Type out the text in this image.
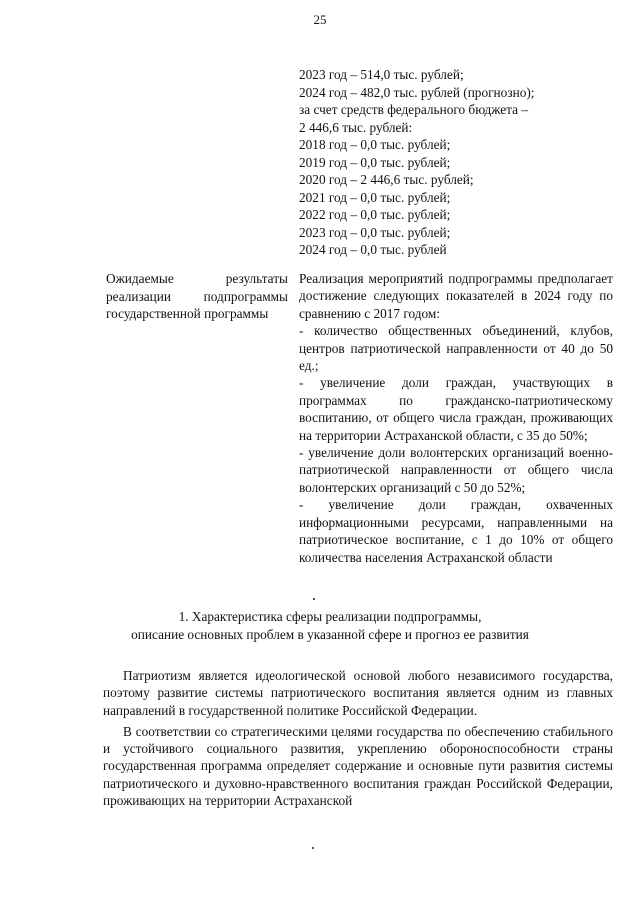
25
2023 год – 514,0 тыс. рублей;
2024 год – 482,0 тыс. рублей (прогнозно);
за счет средств федерального бюджета –
2 446,6 тыс. рублей:
2018 год – 0,0 тыс. рублей;
2019 год – 0,0 тыс. рублей;
2020 год – 2 446,6 тыс. рублей;
2021 год – 0,0 тыс. рублей;
2022 год – 0,0 тыс. рублей;
2023 год – 0,0 тыс. рублей;
2024 год – 0,0 тыс. рублей
Ожидаемые результаты реализации подпрограммы государственной программы

Реализация мероприятий подпрограммы предполагает достижение следующих показателей в 2024 году по сравнению с 2017 годом:

- количество общественных объединений, клубов, центров патриотической направленности от 40 до 50 ед.;

- увеличение доли граждан, участвующих в программах по гражданско-патриотическому воспитанию, от общего числа граждан, проживающих на территории Астраханской области, с 35 до 50%;

- увеличение доли волонтерских организаций военно-патриотической направленности от общего числа волонтерских организаций с 50 до 52%;

- увеличение доли граждан, охваченных информационными ресурсами, направленными на патриотическое воспитание, с 1 до 10% от общего количества населения Астраханской области

1. Характеристика сферы реализации подпрограммы,
описание основных проблем в указанной сфере и прогноз ее развития

Патриотизм является идеологической основой любого независимого государства, поэтому развитие системы патриотического воспитания является одним из главных направлений в государственной политике Российской Федерации.

В соответствии со стратегическими целями государства по обеспечению стабильного и устойчивого социального развития, укреплению обороноспособности страны государственная программа определяет содержание и основные пути развития системы патриотического и духовно-нравственного воспитания граждан Российской Федерации, проживающих на территории Астраханской
